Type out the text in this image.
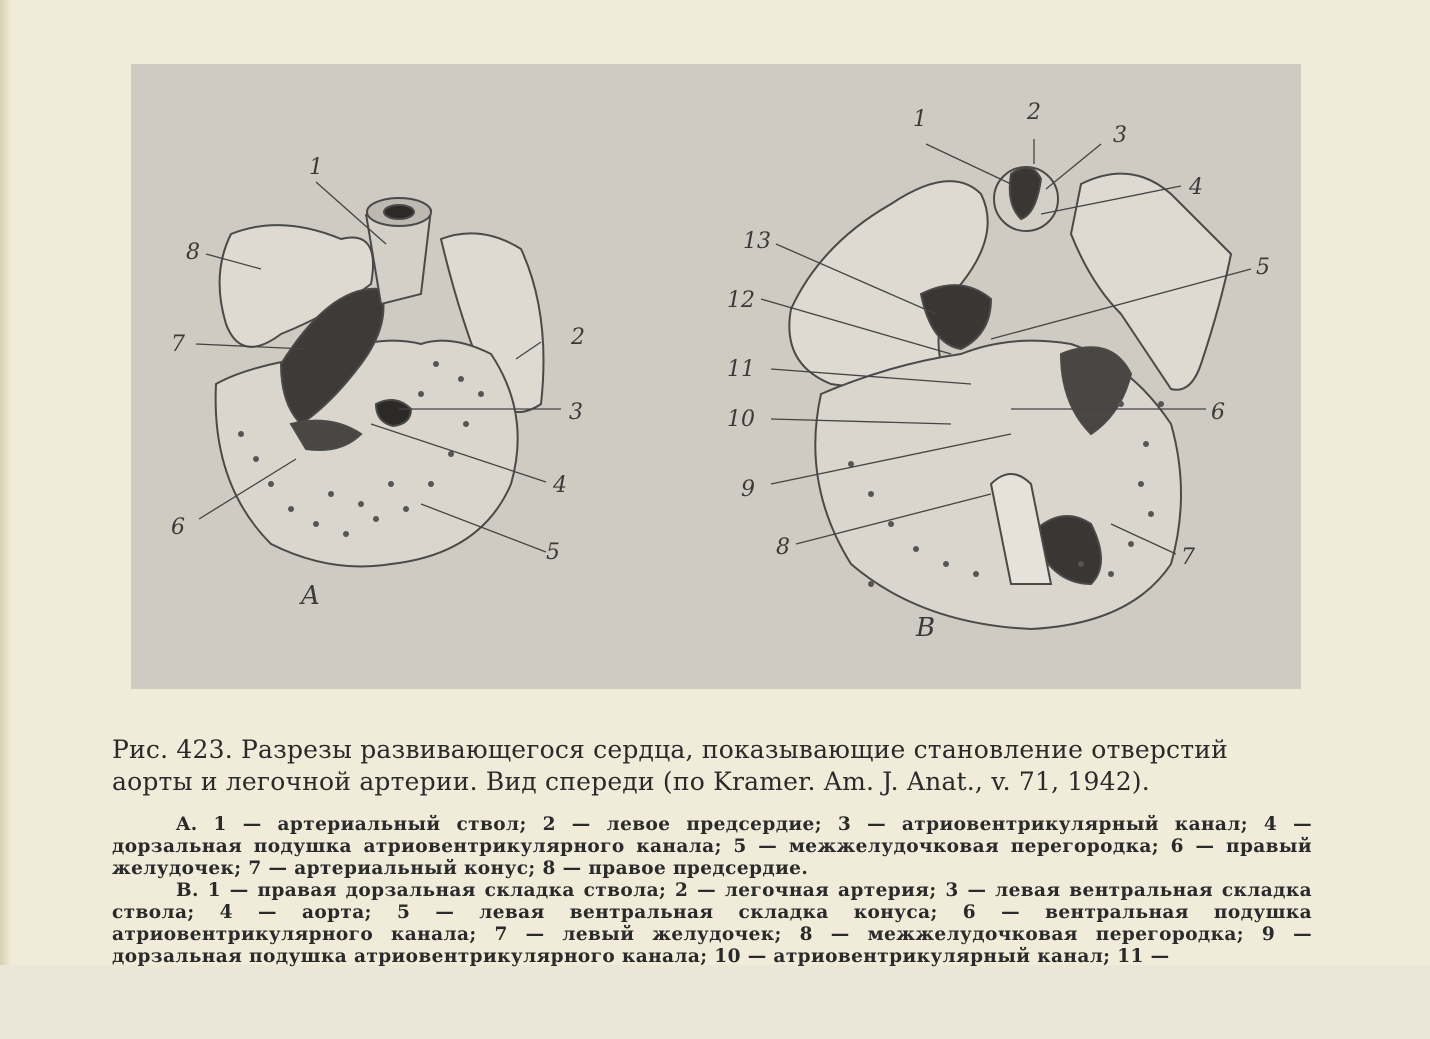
1
2
3
4
5
6
7
8
A
1	2
3
4
5
6
7
8
9
10
11
12
13
B

Рис. 423. Разрезы развивающегося сердца, показывающие становление отверстий аорты и легочной артерии. Вид спереди (по Kramer. Am. J. Anat., v. 71, 1942).

A. 1 — артериальный ствол; 2 — левое предсердие; 3 — атриовентрикулярный канал; 4 — дорзальная подушка атриовентрикулярного канала; 5 — межжелудочковая перегородка; 6 — правый желудочек; 7 — артериальный конус; 8 — правое предсердие.

B. 1 — правая дорзальная складка ствола; 2 — легочная артерия; 3 — левая вентральная складка ствола; 4 — аорта; 5 — левая вентральная складка конуса; 6 — вентральная подушка атриовентрикулярного канала; 7 — левый желудочек; 8 — межжелудочковая перегородка; 9 — дорзальная подушка атриовентрикулярного канала; 10 — атриовентрикулярный канал; 11 —
